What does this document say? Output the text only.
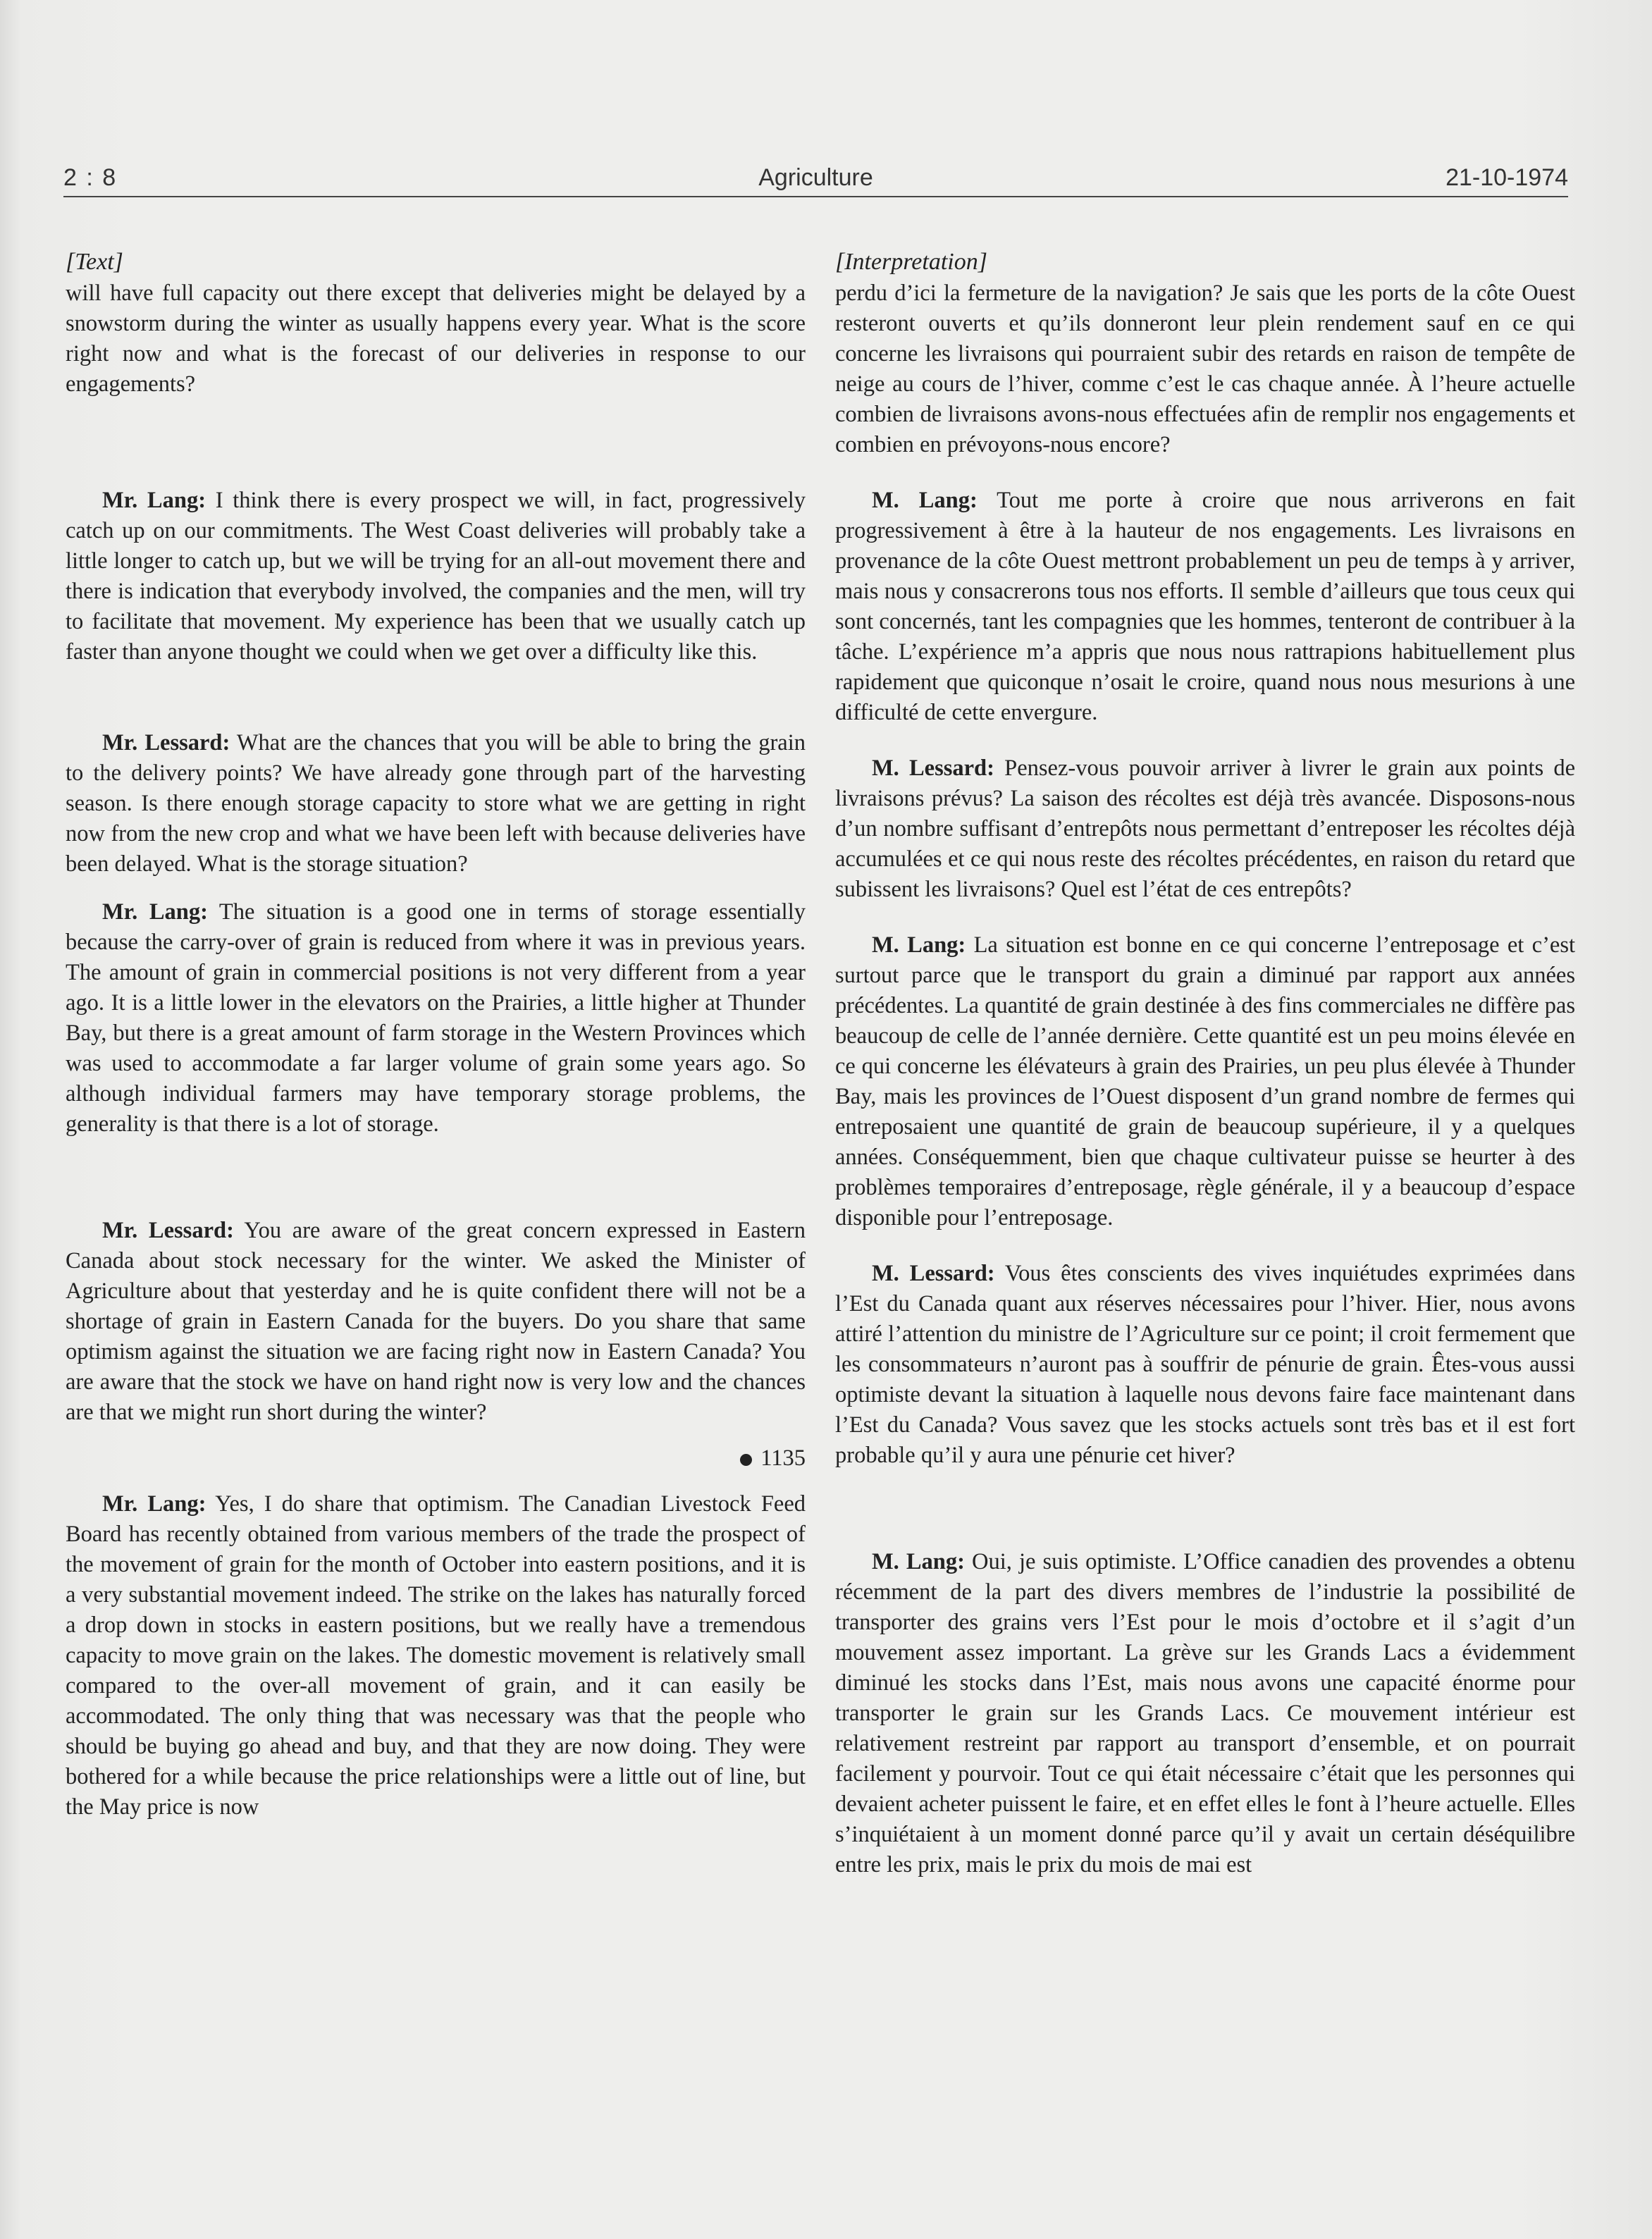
2 : 8	Agriculture	21-10-1974
[Text]

will have full capacity out there except that deliveries might be delayed by a snowstorm during the winter as usually happens every year. What is the score right now and what is the forecast of our deliveries in response to our engagements?

Mr. Lang: I think there is every prospect we will, in fact, progressively catch up on our commitments. The West Coast deliveries will probably take a little longer to catch up, but we will be trying for an all-out movement there and there is indication that everybody involved, the companies and the men, will try to facilitate that movement. My experience has been that we usually catch up faster than anyone thought we could when we get over a difficulty like this.

Mr. Lessard: What are the chances that you will be able to bring the grain to the delivery points? We have already gone through part of the harvesting season. Is there enough storage capacity to store what we are getting in right now from the new crop and what we have been left with because deliveries have been delayed. What is the storage situation?

Mr. Lang: The situation is a good one in terms of storage essentially because the carry-over of grain is reduced from where it was in previous years. The amount of grain in commercial positions is not very different from a year ago. It is a little lower in the elevators on the Prairies, a little higher at Thunder Bay, but there is a great amount of farm storage in the Western Provinces which was used to accommodate a far larger volume of grain some years ago. So although individual farmers may have temporary storage problems, the generality is that there is a lot of storage.

Mr. Lessard: You are aware of the great concern expressed in Eastern Canada about stock necessary for the winter. We asked the Minister of Agriculture about that yesterday and he is quite confident there will not be a shortage of grain in Eastern Canada for the buyers. Do you share that same optimism against the situation we are facing right now in Eastern Canada? You are aware that the stock we have on hand right now is very low and the chances are that we might run short during the winter?

1135

Mr. Lang: Yes, I do share that optimism. The Canadian Livestock Feed Board has recently obtained from various members of the trade the prospect of the movement of grain for the month of October into eastern positions, and it is a very substantial movement indeed. The strike on the lakes has naturally forced a drop down in stocks in eastern positions, but we really have a tremendous capacity to move grain on the lakes. The domestic movement is relatively small compared to the over-all movement of grain, and it can easily be accommodated. The only thing that was necessary was that the people who should be buying go ahead and buy, and that they are now doing. They were bothered for a while because the price relationships were a little out of line, but the May price is now

[Interpretation]

perdu d’ici la fermeture de la navigation? Je sais que les ports de la côte Ouest resteront ouverts et qu’ils donneront leur plein rendement sauf en ce qui concerne les livraisons qui pourraient subir des retards en raison de tempête de neige au cours de l’hiver, comme c’est le cas chaque année. À l’heure actuelle combien de livraisons avons-nous effectuées afin de remplir nos engagements et combien en prévoyons-nous encore?

M. Lang: Tout me porte à croire que nous arriverons en fait progressivement à être à la hauteur de nos engagements. Les livraisons en provenance de la côte Ouest mettront probablement un peu de temps à y arriver, mais nous y consacrerons tous nos efforts. Il semble d’ailleurs que tous ceux qui sont concernés, tant les compagnies que les hommes, tenteront de contribuer à la tâche. L’expérience m’a appris que nous nous rattrapions habituellement plus rapidement que quiconque n’osait le croire, quand nous nous mesurions à une difficulté de cette envergure.

M. Lessard: Pensez-vous pouvoir arriver à livrer le grain aux points de livraisons prévus? La saison des récoltes est déjà très avancée. Disposons-nous d’un nombre suffisant d’entrepôts nous permettant d’entreposer les récoltes déjà accumulées et ce qui nous reste des récoltes précédentes, en raison du retard que subissent les livraisons? Quel est l’état de ces entrepôts?

M. Lang: La situation est bonne en ce qui concerne l’entreposage et c’est surtout parce que le transport du grain a diminué par rapport aux années précédentes. La quantité de grain destinée à des fins commerciales ne diffère pas beaucoup de celle de l’année dernière. Cette quantité est un peu moins élevée en ce qui concerne les élévateurs à grain des Prairies, un peu plus élevée à Thunder Bay, mais les provinces de l’Ouest disposent d’un grand nombre de fermes qui entreposaient une quantité de grain de beaucoup supérieure, il y a quelques années. Conséquemment, bien que chaque cultivateur puisse se heurter à des problèmes temporaires d’entreposage, règle générale, il y a beaucoup d’espace disponible pour l’entreposage.

M. Lessard: Vous êtes conscients des vives inquiétudes exprimées dans l’Est du Canada quant aux réserves nécessaires pour l’hiver. Hier, nous avons attiré l’attention du ministre de l’Agriculture sur ce point; il croit fermement que les consommateurs n’auront pas à souffrir de pénurie de grain. Êtes-vous aussi optimiste devant la situation à laquelle nous devons faire face maintenant dans l’Est du Canada? Vous savez que les stocks actuels sont très bas et il est fort probable qu’il y aura une pénurie cet hiver?

M. Lang: Oui, je suis optimiste. L’Office canadien des provendes a obtenu récemment de la part des divers membres de l’industrie la possibilité de transporter des grains vers l’Est pour le mois d’octobre et il s’agit d’un mouvement assez important. La grève sur les Grands Lacs a évidemment diminué les stocks dans l’Est, mais nous avons une capacité énorme pour transporter le grain sur les Grands Lacs. Ce mouvement intérieur est relativement restreint par rapport au transport d’ensemble, et on pourrait facilement y pourvoir. Tout ce qui était nécessaire c’était que les personnes qui devaient acheter puissent le faire, et en effet elles le font à l’heure actuelle. Elles s’inquiétaient à un moment donné parce qu’il y avait un certain déséquilibre entre les prix, mais le prix du mois de mai est
